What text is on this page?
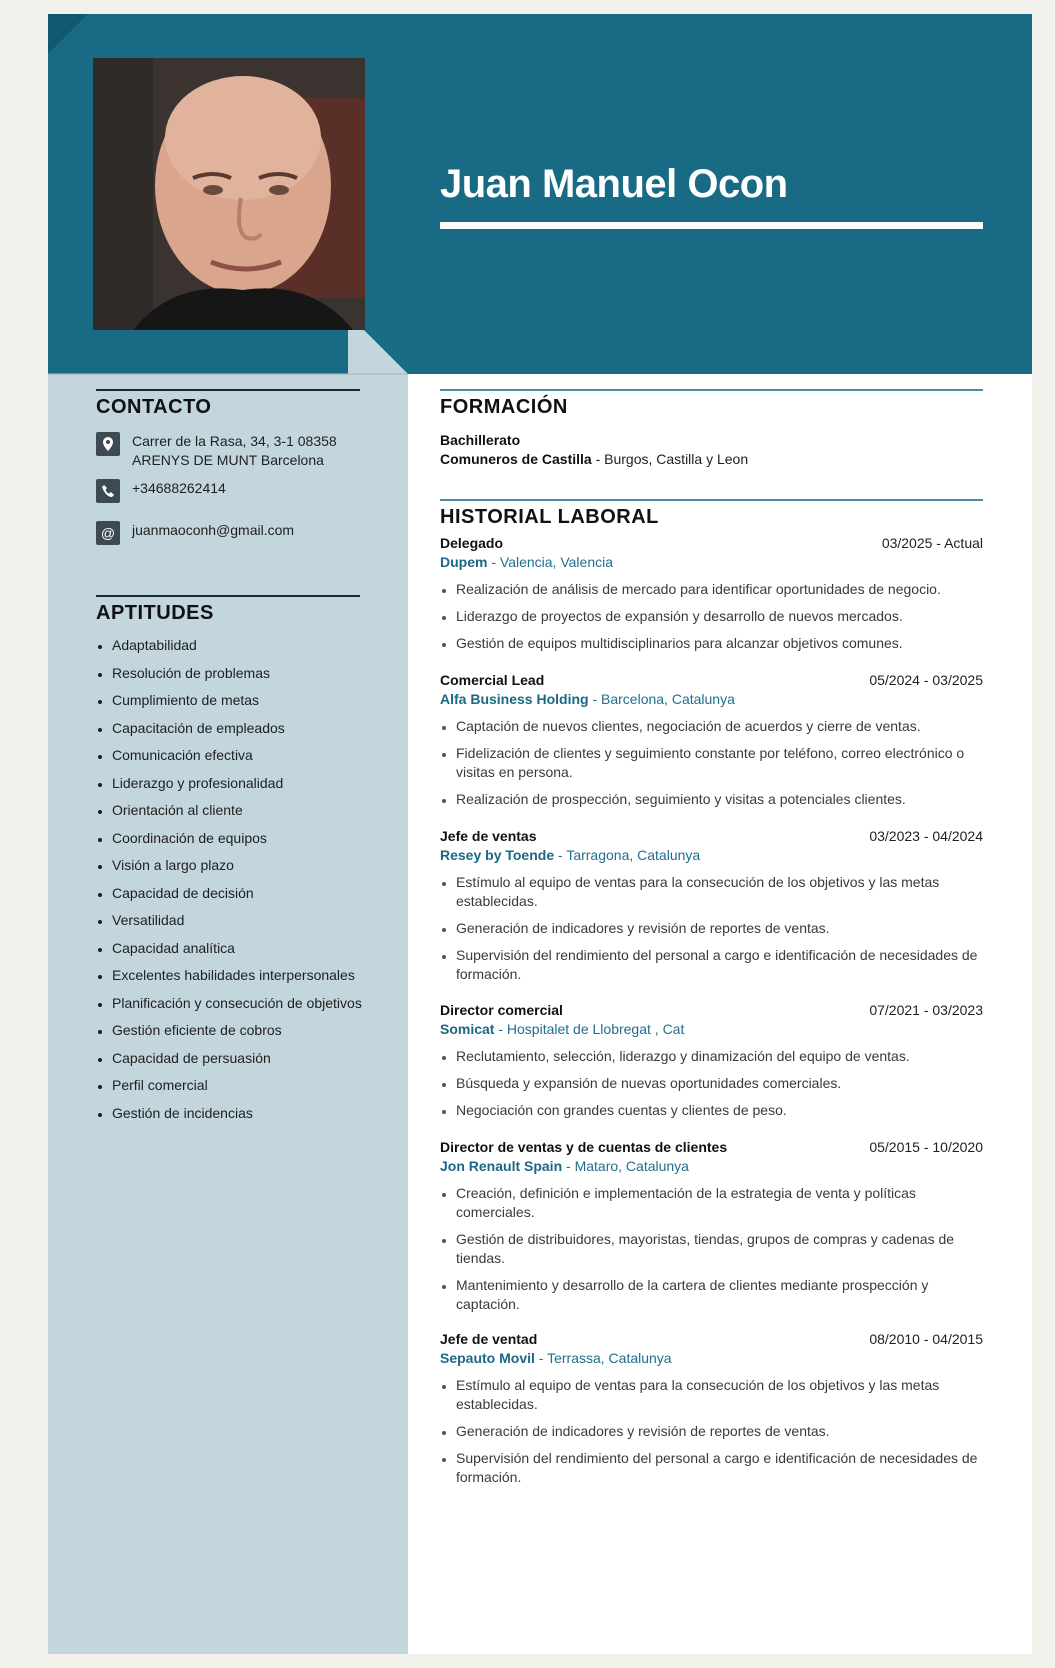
Juan Manuel Ocon
CONTACTO
Carrer de la Rasa, 34, 3-1 08358
ARENYS DE MUNT Barcelona
+34688262414
@	juanmaoconh@gmail.com
APTITUDES
Adaptabilidad
Resolución de problemas
Cumplimiento de metas
Capacitación de empleados
Comunicación efectiva
Liderazgo y profesionalidad
Orientación al cliente
Coordinación de equipos
Visión a largo plazo
Capacidad de decisión
Versatilidad
Capacidad analítica
Excelentes habilidades interpersonales
Planificación y consecución de objetivos
Gestión eficiente de cobros
Capacidad de persuasión
Perfil comercial
Gestión de incidencias
FORMACIÓN
Bachillerato
Comuneros de Castilla - Burgos, Castilla y Leon
HISTORIAL LABORAL
Delegado	03/2025 - Actual
Dupem - Valencia, Valencia
Realización de análisis de mercado para identificar oportunidades de negocio.
Liderazgo de proyectos de expansión y desarrollo de nuevos mercados.
Gestión de equipos multidisciplinarios para alcanzar objetivos comunes.
Comercial Lead	05/2024 - 03/2025
Alfa Business Holding - Barcelona, Catalunya
Captación de nuevos clientes, negociación de acuerdos y cierre de ventas.
Fidelización de clientes y seguimiento constante por teléfono, correo electrónico o visitas en persona.
Realización de prospección, seguimiento y visitas a potenciales clientes.
Jefe de ventas	03/2023 - 04/2024
Resey by Toende - Tarragona, Catalunya
Estímulo al equipo de ventas para la consecución de los objetivos y las metas establecidas.
Generación de indicadores y revisión de reportes de ventas.
Supervisión del rendimiento del personal a cargo e identificación de necesidades de formación.
Director comercial	07/2021 - 03/2023
Somicat - Hospitalet de Llobregat , Cat
Reclutamiento, selección, liderazgo y dinamización del equipo de ventas.
Búsqueda y expansión de nuevas oportunidades comerciales.
Negociación con grandes cuentas y clientes de peso.
Director de ventas y de cuentas de clientes	05/2015 - 10/2020
Jon Renault Spain - Mataro, Catalunya
Creación, definición e implementación de la estrategia de venta y políticas comerciales.
Gestión de distribuidores, mayoristas, tiendas, grupos de compras y cadenas de tiendas.
Mantenimiento y desarrollo de la cartera de clientes mediante prospección y captación.
Jefe de ventad	08/2010 - 04/2015
Sepauto Movil - Terrassa, Catalunya
Estímulo al equipo de ventas para la consecución de los objetivos y las metas establecidas.
Generación de indicadores y revisión de reportes de ventas.
Supervisión del rendimiento del personal a cargo e identificación de necesidades de formación.
